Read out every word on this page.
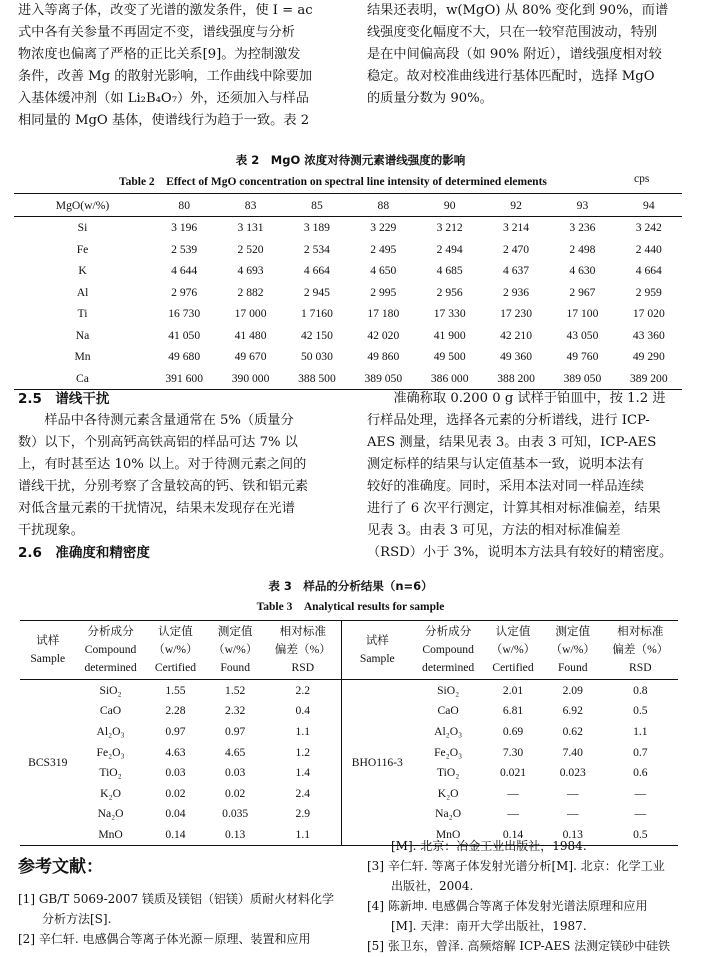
进入等离子体，改变了光谱的激发条件，使 I = ac

式中各有关参量不再固定不变，谱线强度与分析

物浓度也偏离了严格的正比关系[9]。为控制激发

条件，改善 Mg 的散射光影响，工作曲线中除要加

入基体缓冲剂（如 Li₂B₄O₇）外，还须加入与样品

相同量的 MgO 基体，使谱线行为趋于一致。表 2

结果还表明，w(MgO) 从 80% 变化到 90%，而谱

线强度变化幅度不大，只在一较窄范围波动，特别

是在中间偏高段（如 90% 附近），谱线强度相对较

稳定。故对校准曲线进行基体匹配时，选择 MgO

的质量分数为 90%。

表 2　MgO 浓度对待测元素谱线强度的影响
Table 2　Effect of MgO concentration on spectral line intensity of determined elements	cps
MgO(w/%)	80	83	85	88	90	92	93	94
Si	3 196	3 131	3 189	3 229	3 212	3 214	3 236	3 242
Fe	2 539	2 520	2 534	2 495	2 494	2 470	2 498	2 440
K	4 644	4 693	4 664	4 650	4 685	4 637	4 630	4 664
Al	2 976	2 882	2 945	2 995	2 956	2 936	2 967	2 959
Ti	16 730	17 000	1 7160	17 180	17 330	17 230	17 100	17 020
Na	41 050	41 480	42 150	42 020	41 900	42 210	43 050	43 360
Mn	49 680	49 670	50 030	49 860	49 500	49 360	49 760	49 290
Ca	391 600	390 000	388 500	389 050	386 000	388 200	389 050	389 200

2.5　谱线干扰

　　样品中各待测元素含量通常在 5%（质量分

数）以下，个别高钙高铁高铝的样品可达 7% 以

上，有时甚至达 10% 以上。对于待测元素之间的

谱线干扰，分别考察了含量较高的钙、铁和铝元素

对低含量元素的干扰情况，结果未发现存在光谱

干扰现象。

2.6　准确度和精密度

　　准确称取 0.200 0 g 试样于铂皿中，按 1.2 进

行样品处理，选择各元素的分析谱线，进行 ICP-

AES 测量，结果见表 3。由表 3 可知，ICP-AES

测定标样的结果与认定值基本一致，说明本法有

较好的准确度。同时，采用本法对同一样品连续

进行了 6 次平行测定，计算其相对标准偏差，结果

见表 3。由表 3 可见，方法的相对标准偏差

（RSD）小于 3%，说明本方法具有较好的精密度。

表 3　样品的分析结果（n=6）
Table 3　Analytical results for sample
试样
Sample	分析成分
Compound
determined	认定值
（w/%）
Certified	测定值
（w/%）
Found	相对标准
偏差（%）
RSD	试样
Sample	分析成分
Compound
determined	认定值
（w/%）
Certified	测定值
（w/%）
Found	相对标准
偏差（%）
RSD
BCS319	SiO₂	1.55	1.52	2.2	BHO116-3	SiO₂	2.01	2.09	0.8
	CaO	2.28	2.32	0.4		CaO	6.81	6.92	0.5
	Al₂O₃	0.97	0.97	1.1		Al₂O₃	0.69	0.62	1.1
	Fe₂O₃	4.63	4.65	1.2		Fe₂O₃	7.30	7.40	0.7
	TiO₂	0.03	0.03	1.4		TiO₂	0.021	0.023	0.6
	K₂O	0.02	0.02	2.4		K₂O	—	—	—
	Na₂O	0.04	0.035	2.9		Na₂O	—	—	—
	MnO	0.14	0.13	1.1		MnO	0.14	0.13	0.5
参考文献：

[1] GB/T 5069-2007 镁质及镁铝（铝镁）质耐火材料化学

　　分析方法[S].

[2] 辛仁轩. 电感偶合等离子体光源－原理、装置和应用

　　[M]. 北京：冶金工业出版社，1984.

[3] 辛仁轩. 等离子体发射光谱分析[M]. 北京：化学工业

　　出版社，2004.

[4] 陈新坤. 电感偶合等离子体发射光谱法原理和应用

　　[M]. 天津：南开大学出版社，1987.

[5] 张卫东，曾泽. 高频熔解 ICP-AES 法测定镁砂中硅铁
